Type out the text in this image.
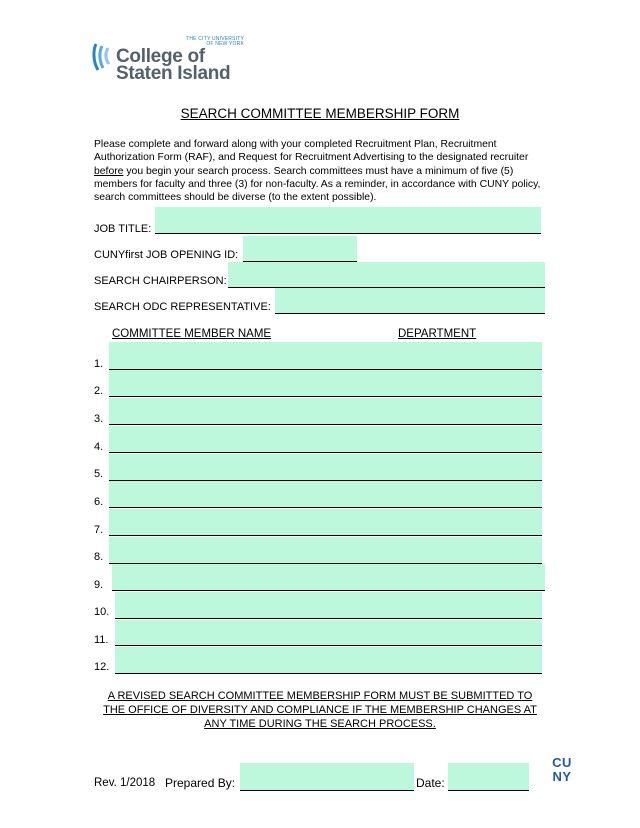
THE CITY UNIVERSITY
OF NEW YORK
College of
Staten Island
SEARCH COMMITTEE MEMBERSHIP FORM
Please complete and forward along with your completed Recruitment Plan, Recruitment Authorization Form (RAF), and Request for Recruitment Advertising to the designated recruiter before you begin your search process. Search committees must have a minimum of five (5) members for faculty and three (3) for non-faculty. As a reminder, in accordance with CUNY policy, search committees should be diverse (to the extent possible).
JOB TITLE:
CUNYfirst JOB OPENING ID:
SEARCH CHAIRPERSON:
SEARCH ODC REPRESENTATIVE:
COMMITTEE MEMBER NAME	DEPARTMENT
1.
2.
3.
4.
5.
6.
7.
8.
9.
10.
11.
12.
A REVISED SEARCH COMMITTEE MEMBERSHIP FORM MUST BE SUBMITTED TO THE OFFICE OF DIVERSITY AND COMPLIANCE IF THE MEMBERSHIP CHANGES AT ANY TIME DURING THE SEARCH PROCESS.
Rev. 1/2018 Prepared By:	Date:
CU
NY
